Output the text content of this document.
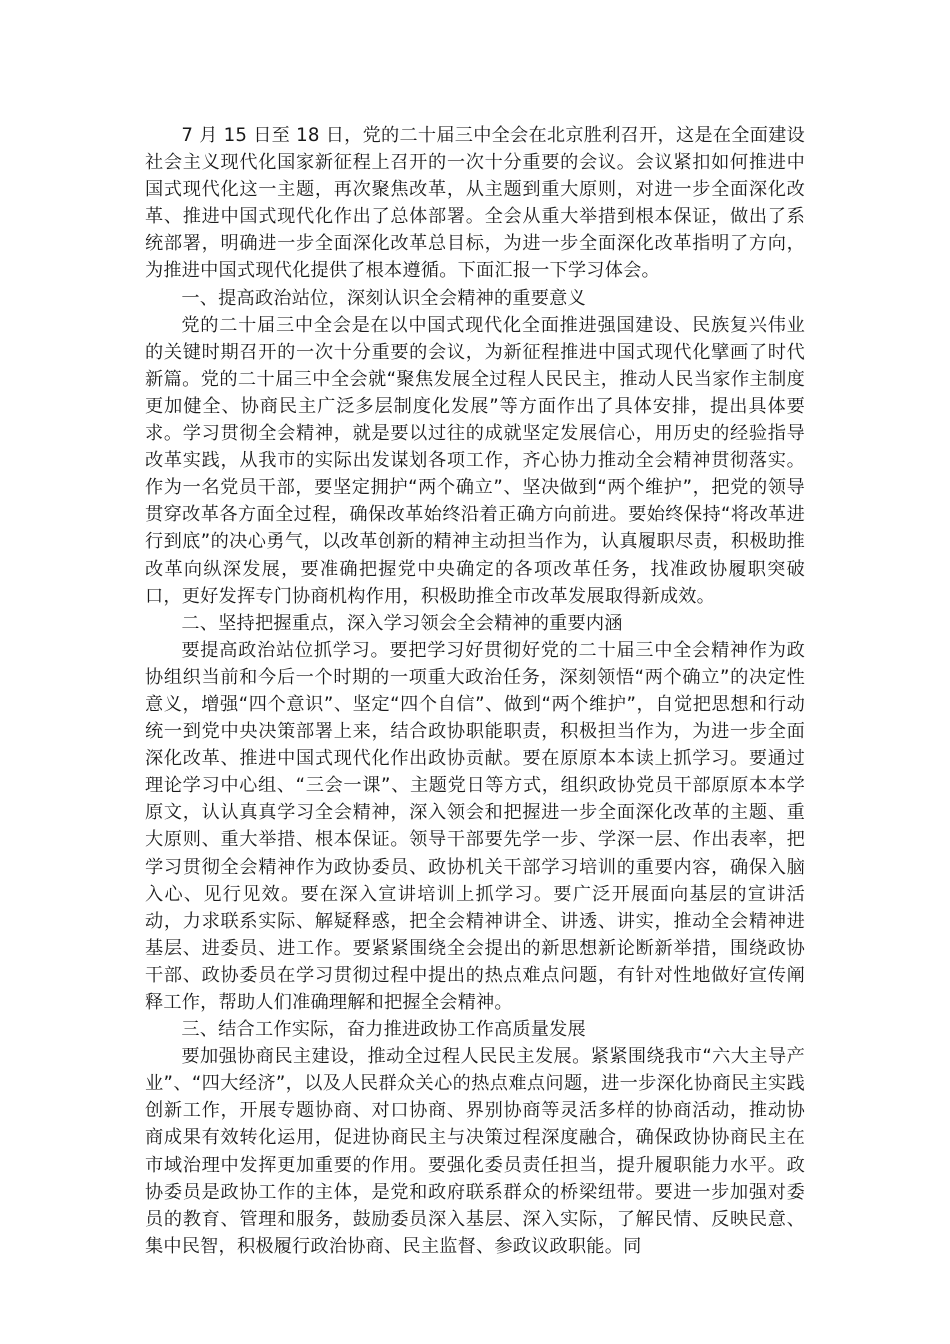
7 月 15 日至 18 日，党的二十届三中全会在北京胜利召开，这是在全面建设社会主义现代化国家新征程上召开的一次十分重要的会议。会议紧扣如何推进中国式现代化这一主题，再次聚焦改革，从主题到重大原则，对进一步全面深化改革、推进中国式现代化作出了总体部署。全会从重大举措到根本保证，做出了系统部署，明确进一步全面深化改革总目标，为进一步全面深化改革指明了方向，为推进中国式现代化提供了根本遵循。下面汇报一下学习体会。

一、提高政治站位，深刻认识全会精神的重要意义

党的二十届三中全会是在以中国式现代化全面推进强国建设、民族复兴伟业的关键时期召开的一次十分重要的会议，为新征程推进中国式现代化擘画了时代新篇。党的二十届三中全会就“聚焦发展全过程人民民主，推动人民当家作主制度更加健全、协商民主广泛多层制度化发展”等方面作出了具体安排，提出具体要求。学习贯彻全会精神，就是要以过往的成就坚定发展信心，用历史的经验指导改革实践，从我市的实际出发谋划各项工作，齐心协力推动全会精神贯彻落实。作为一名党员干部，要坚定拥护“两个确立”、坚决做到“两个维护”，把党的领导贯穿改革各方面全过程，确保改革始终沿着正确方向前进。要始终保持“将改革进行到底”的决心勇气，以改革创新的精神主动担当作为，认真履职尽责，积极助推改革向纵深发展，要准确把握党中央确定的各项改革任务，找准政协履职突破口，更好发挥专门协商机构作用，积极助推全市改革发展取得新成效。

二、坚持把握重点，深入学习领会全会精神的重要内涵

要提高政治站位抓学习。要把学习好贯彻好党的二十届三中全会精神作为政协组织当前和今后一个时期的一项重大政治任务，深刻领悟“两个确立”的决定性意义，增强“四个意识”、坚定“四个自信”、做到“两个维护”，自觉把思想和行动统一到党中央决策部署上来，结合政协职能职责，积极担当作为，为进一步全面深化改革、推进中国式现代化作出政协贡献。要在原原本本读上抓学习。要通过理论学习中心组、“三会一课”、主题党日等方式，组织政协党员干部原原本本学原文，认认真真学习全会精神，深入领会和把握进一步全面深化改革的主题、重大原则、重大举措、根本保证。领导干部要先学一步、学深一层、作出表率，把学习贯彻全会精神作为政协委员、政协机关干部学习培训的重要内容，确保入脑入心、见行见效。要在深入宣讲培训上抓学习。要广泛开展面向基层的宣讲活动，力求联系实际、解疑释惑，把全会精神讲全、讲透、讲实，推动全会精神进基层、进委员、进工作。要紧紧围绕全会提出的新思想新论断新举措，围绕政协干部、政协委员在学习贯彻过程中提出的热点难点问题，有针对性地做好宣传阐释工作，帮助人们准确理解和把握全会精神。

三、结合工作实际，奋力推进政协工作高质量发展

要加强协商民主建设，推动全过程人民民主发展。紧紧围绕我市“六大主导产业”、“四大经济”，以及人民群众关心的热点难点问题，进一步深化协商民主实践创新工作，开展专题协商、对口协商、界别协商等灵活多样的协商活动，推动协商成果有效转化运用，促进协商民主与决策过程深度融合，确保政协协商民主在市域治理中发挥更加重要的作用。要强化委员责任担当，提升履职能力水平。政协委员是政协工作的主体，是党和政府联系群众的桥梁纽带。要进一步加强对委员的教育、管理和服务，鼓励委员深入基层、深入实际，了解民情、反映民意、集中民智，积极履行政治协商、民主监督、参政议政职能。同
